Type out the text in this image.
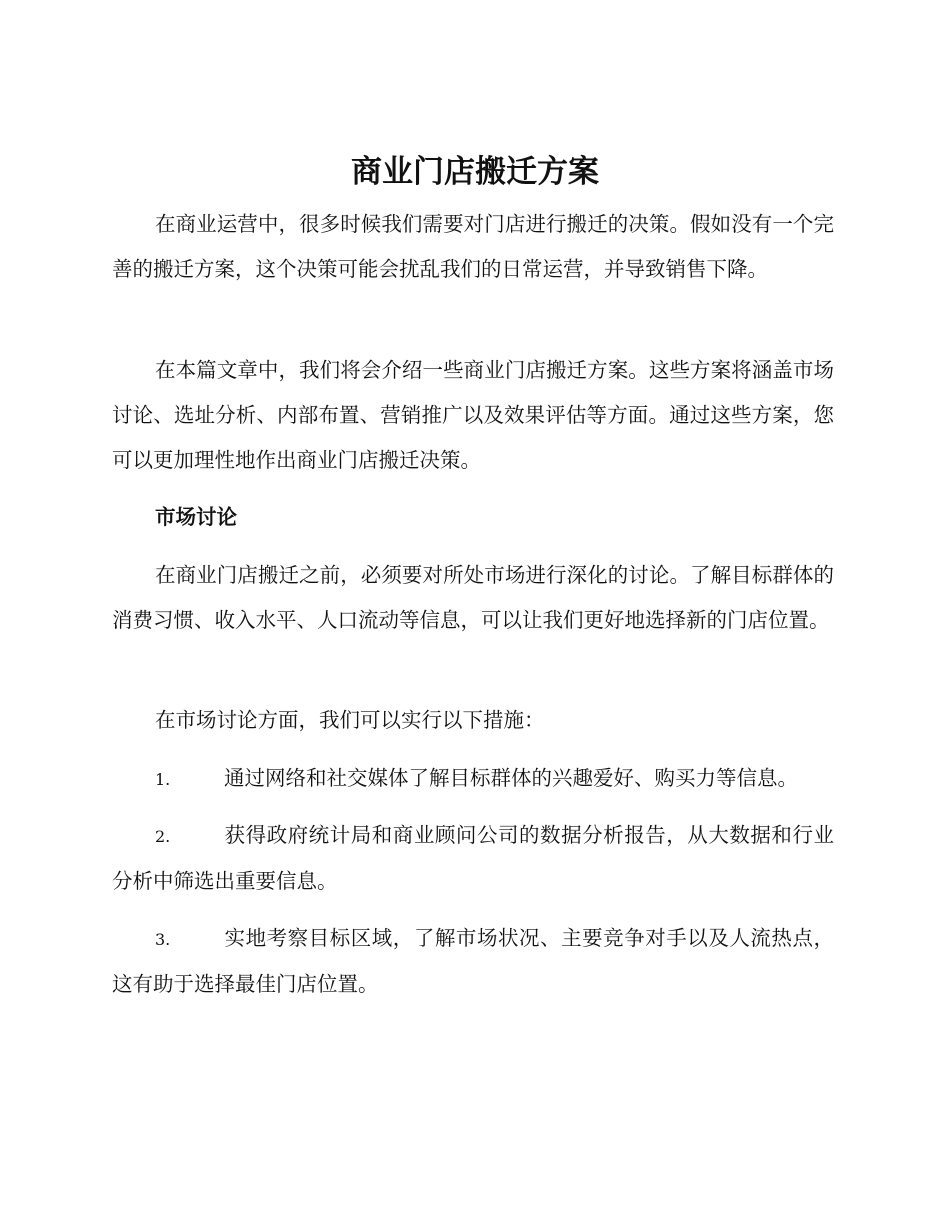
商业门店搬迁方案

在商业运营中，很多时候我们需要对门店进行搬迁的决策。假如没有一个完善的搬迁方案，这个决策可能会扰乱我们的日常运营，并导致销售下降。

在本篇文章中，我们将会介绍一些商业门店搬迁方案。这些方案将涵盖市场讨论、选址分析、内部布置、营销推广以及效果评估等方面。通过这些方案，您可以更加理性地作出商业门店搬迁决策。

市场讨论

在商业门店搬迁之前，必须要对所处市场进行深化的讨论。了解目标群体的消费习惯、收入水平、人口流动等信息，可以让我们更好地选择新的门店位置。

在市场讨论方面，我们可以实行以下措施：

1.	通过网络和社交媒体了解目标群体的兴趣爱好、购买力等信息。

2.	获得政府统计局和商业顾问公司的数据分析报告，从大数据和行业分析中筛选出重要信息。

3.	实地考察目标区域，了解市场状况、主要竞争对手以及人流热点，这有助于选择最佳门店位置。
